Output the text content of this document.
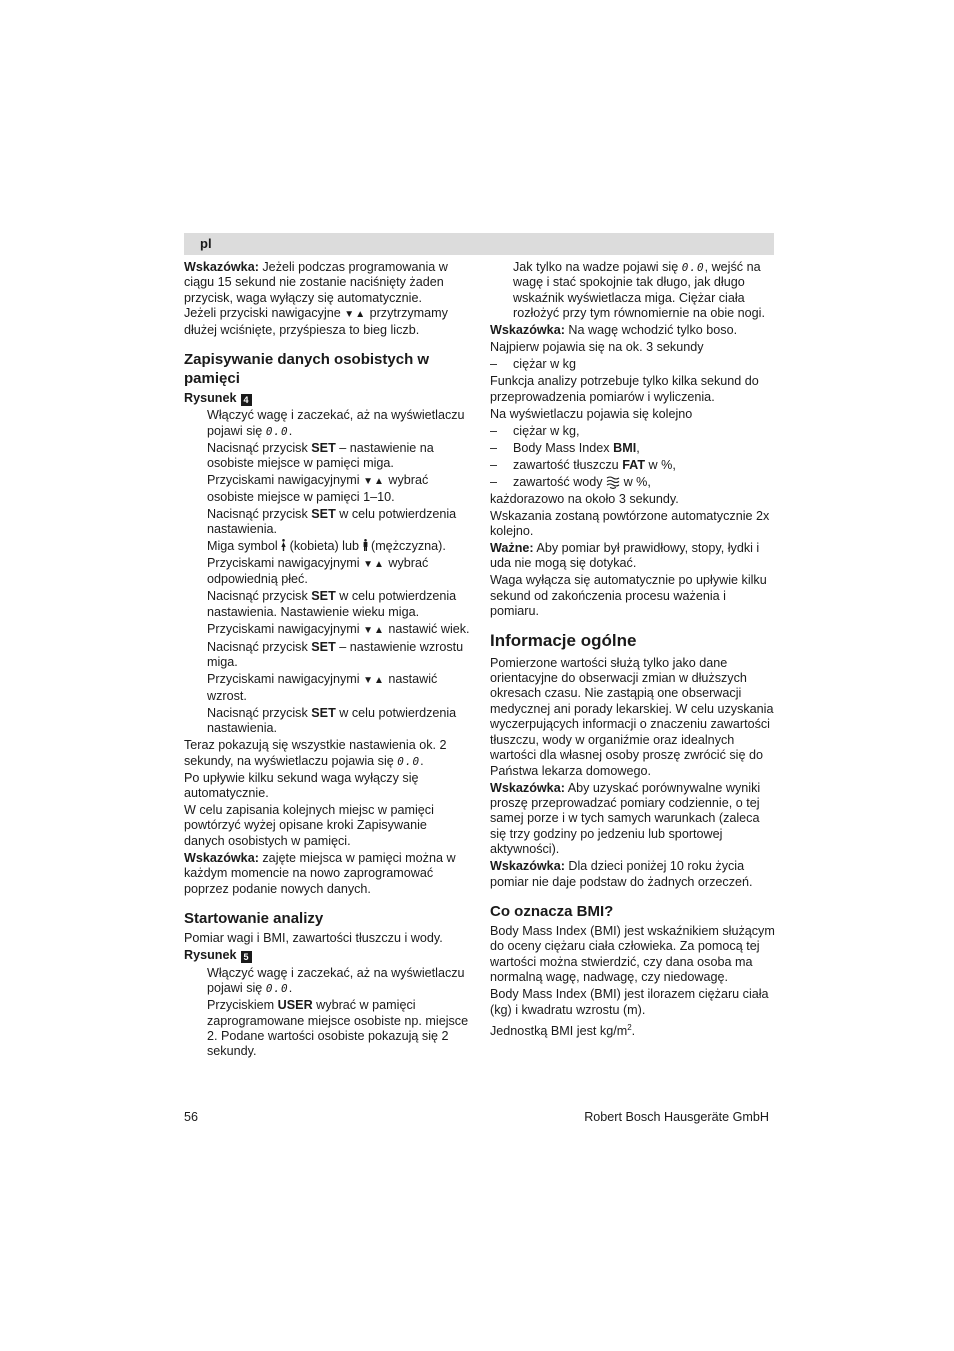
pl

Wskazówka: Jeżeli podczas programowania w ciągu 15 sekund nie zostanie naciśnięty żaden przycisk, waga wyłączy się automatycznie.
Jeżeli przyciski nawigacyjne ▼▲ przytrzymamy dłużej wciśnięte, przyśpiesza to bieg liczb.

Zapisywanie danych osobistych w pamięci
Rysunek 4

Włączyć wagę i zaczekać, aż na wyświetlaczu pojawi się 0.0.

Nacisnąć przycisk SET – nastawienie na osobiste miejsce w pamięci miga.

Przyciskami nawigacyjnymi ▼▲ wybrać osobiste miejsce w pamięci 1–10.

Nacisnąć przycisk SET w celu potwierdzenia nastawienia.

Miga symbol  (kobieta) lub  (mężczyzna).

Przyciskami nawigacyjnymi ▼▲ wybrać odpowiednią płeć.

Nacisnąć przycisk SET w celu potwierdzenia nastawienia. Nastawienie wieku miga.

Przyciskami nawigacyjnymi ▼▲ nastawić wiek.

Nacisnąć przycisk SET – nastawienie wzrostu miga.

Przyciskami nawigacyjnymi ▼▲ nastawić wzrost.

Nacisnąć przycisk SET w celu potwierdzenia nastawienia.

Teraz pokazują się wszystkie nastawienia ok. 2 sekundy, na wyświetlaczu pojawia się 0.0.

Po upływie kilku sekund waga wyłączy się automatycznie.

W celu zapisania kolejnych miejsc w pamięci powtórzyć wyżej opisane kroki Zapisywanie danych osobistych w pamięci.

Wskazówka: zajęte miejsca w pamięci można w każdym momencie na nowo zaprogramować poprzez podanie nowych danych.

Startowanie analizy

Pomiar wagi i BMI, zawartości tłuszczu i wody.

Rysunek 5

Włączyć wagę i zaczekać, aż na wyświetlaczu pojawi się 0.0.

Przyciskiem USER wybrać w pamięci zaprogramowane miejsce osobiste np. miejsce 2. Podane wartości osobiste pokazują się 2 sekundy.

Jak tylko na wadze pojawi się 0.0, wejść na wagę i stać spokojnie tak długo, jak długo wskaźnik wyświetlacza miga. Ciężar ciała rozłożyć przy tym równomiernie na obie nogi.

Wskazówka: Na wagę wchodzić tylko boso.

Najpierw pojawia się na ok. 3 sekundy

– ciężar w kg

Funkcja analizy potrzebuje tylko kilka sekund do przeprowadzenia pomiarów i wyliczenia.

Na wyświetlaczu pojawia się kolejno

– ciężar w kg,

– Body Mass Index BMI,

– zawartość tłuszczu FAT w %,

– zawartość wody  w %,

każdorazowo na około 3 sekundy.

Wskazania zostaną powtórzone automatycznie 2x kolejno.

Ważne: Aby pomiar był prawidłowy, stopy, łydki i uda nie mogą się dotykać.

Waga wyłącza się automatycznie po upływie kilku sekund od zakończenia procesu ważenia i pomiaru.

Informacje ogólne

Pomierzone wartości służą tylko jako dane orientacyjne do obserwacji zmian w dłuższych okresach czasu. Nie zastąpią one obserwacji medycznej ani porady lekarskiej. W celu uzyskania wyczerpujących informacji o znaczeniu zawartości tłuszczu, wody w organiźmie oraz idealnych wartości dla własnej osoby proszę zwrócić się do Państwa lekarza domowego.

Wskazówka: Aby uzyskać porównywalne wyniki proszę przeprowadzać pomiary codziennie, o tej samej porze i w tych samych warunkach (zaleca się trzy godziny po jedzeniu lub sportowej aktywności).

Wskazówka: Dla dzieci poniżej 10 roku życia pomiar nie daje podstaw do żadnych orzeczeń.

Co oznacza BMI?

Body Mass Index (BMI) jest wskaźnikiem służącym do oceny ciężaru ciała człowieka. Za pomocą tej wartości można stwierdzić, czy dana osoba ma normalną wagę, nadwagę, czy niedowagę.

Body Mass Index (BMI) jest ilorazem ciężaru ciała (kg) i kwadratu wzrostu (m).

Jednostką BMI jest $kg/m^2$.

56	Robert Bosch Hausgeräte GmbH
